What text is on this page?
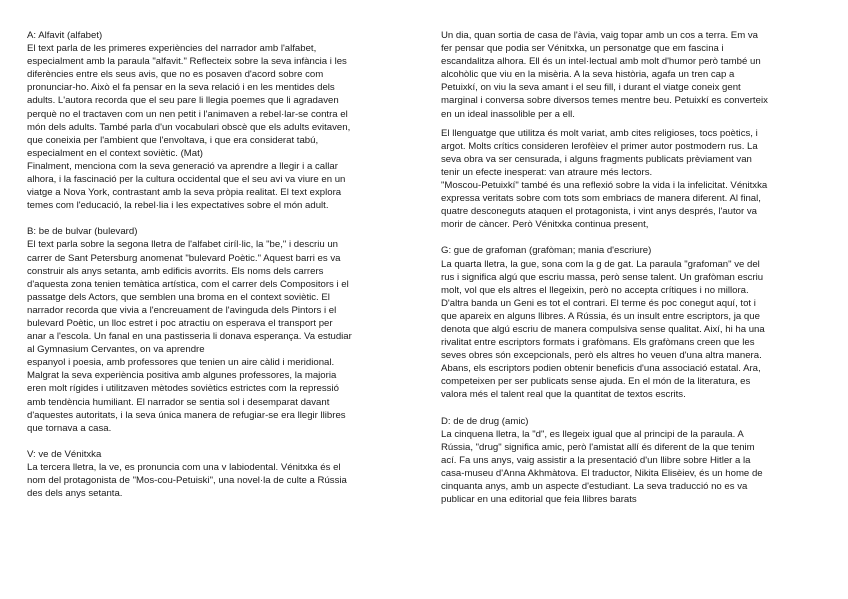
A: Alfavit (alfabet)
El text parla de les primeres experiències del narrador amb l'alfabet,
especialment amb la paraula "alfavit." Reflecteix sobre la seva infància i les
diferències entre els seus avis, que no es posaven d'acord sobre com
pronunciar-ho. Això el fa pensar en la seva relació i en les mentides dels
adults. L'autora recorda que el seu pare li llegia poemes que li agradaven
perquè no el tractaven com un nen petit i l'animaven a rebel·lar-se contra el
món dels adults. També parla d'un vocabulari obscè que els adults evitaven,
que coneixia per l'ambient que l'envoltava, i que era considerat tabú,
especialment en el context soviètic. (Mat)
Finalment, menciona com la seva generació va aprendre a llegir i a callar
alhora, i la fascinació per la cultura occidental que el seu avi va viure en un
viatge a Nova York, contrastant amb la seva pròpia realitat. El text explora
temes com l'educació, la rebel·lia i les expectatives sobre el món adult.
B: be de bulvar (bulevard)
El text parla sobre la segona lletra de l'alfabet ciríl·lic, la "be," i descriu un
carrer de Sant Petersburg anomenat "bulevard Poètic." Aquest barri es va
construir als anys setanta, amb edificis avorrits. Els noms dels carrers
d'aquesta zona tenien temàtica artística, com el carrer dels Compositors i el
passatge dels Actors, que semblen una broma en el context soviètic. El
narrador recorda que vivia a l'encreuament de l'avinguda dels Pintors i el
bulevard Poètic, un lloc estret i poc atractiu on esperava el transport per
anar a l'escola. Un fanal en una pastisseria li donava esperança. Va estudiar
al Gymnasium Cervantes, on va aprendre
espanyol i poesia, amb professores que tenien un aire càlid i meridional.
Malgrat la seva experiència positiva amb algunes professores, la majoria
eren molt rígides i utilitzaven mètodes soviètics estrictes com la repressió
amb tendència humiliant. El narrador se sentia sol i desemparat davant
d'aquestes autoritats, i la seva única manera de refugiar-se era llegir llibres
que tornava a casa.
V: ve de Vénitxka
La tercera lletra, la ve, es pronuncia com una v labiodental. Vénitxka és el
nom del protagonista de "Mos-cou-Petuiski", una novel·la de culte a Rússia
des dels anys setanta.
Un dia, quan sortia de casa de l'àvia, vaig topar amb un cos a terra. Em va
fer pensar que podia ser Vénitxka, un personatge que em fascina i
escandalitza alhora. Ell és un intel·lectual amb molt d'humor però també un
alcohòlic que viu en la misèria. A la seva història, agafa un tren cap a
Petuixkí, on viu la seva amant i el seu fill, i durant el viatge coneix gent
marginal i conversa sobre diversos temes mentre beu. Petuixkí es converteix
en un ideal inassolible per a ell.
El llenguatge que utilitza és molt variat, amb cites religioses, tocs poètics, i
argot. Molts crítics consideren Ierofèiev el primer autor postmodern rus. La
seva obra va ser censurada, i alguns fragments publicats prèviament van
tenir un efecte inesperat: van atraure més lectors.
"Moscou-Petuixkí" també és una reflexió sobre la vida i la infelicitat. Vénitxka
expressa veritats sobre com tots som embriacs de manera diferent. Al final,
quatre desconeguts ataquen el protagonista, i vint anys després, l'autor va
morir de càncer. Però Vénitxka continua present,
G: gue de grafoman (grafòman; mania d'escriure)
La quarta lletra, la gue, sona com la g de gat. La paraula "grafoman" ve del
rus i significa algú que escriu massa, però sense talent. Un grafòman escriu
molt, vol que els altres el llegeixin, però no accepta crítiques i no millora.
D'altra banda un Geni es tot el contrari. El terme és poc conegut aquí, tot i
que apareix en alguns llibres. A Rússia, és un insult entre escriptors, ja que
denota que algú escriu de manera compulsiva sense qualitat. Així, hi ha una
rivalitat entre escriptors formats i grafòmans. Els grafòmans creen que les
seves obres són excepcionals, però els altres ho veuen d'una altra manera.
Abans, els escriptors podien obtenir beneficis d'una associació estatal. Ara,
competeixen per ser publicats sense ajuda. En el món de la literatura, es
valora més el talent real que la quantitat de textos escrits.
D: de de drug (amic)
La cinquena lletra, la "d", es llegeix igual que al principi de la paraula. A
Rússia, "drug" significa amic, però l'amistat allí és diferent de la que tenim
ací. Fa uns anys, vaig assistir a la presentació d'un llibre sobre Hitler a la
casa-museu d'Anna Akhmàtova. El traductor, Nikita Elisèiev, és un home de
cinquanta anys, amb un aspecte d'estudiant. La seva traducció no es va
publicar en una editorial que feia llibres barats
